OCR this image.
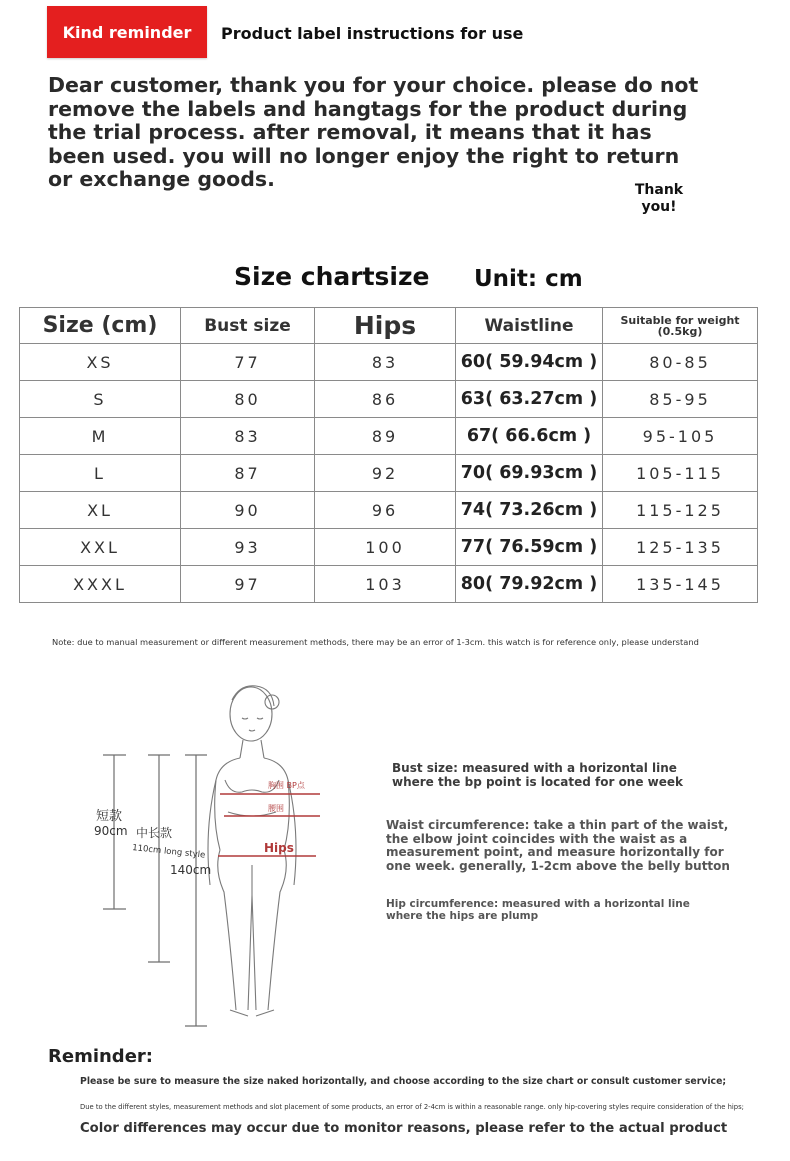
Kind reminder Product label instructions for use

Dear customer, thank you for your choice. please do not remove the labels and hangtags for the product during the trial process. after removal, it means that it has been used. you will no longer enjoy the right to return or exchange goods.	Thank you!
Size chartsize Unit: cm
Size (cm)	Bust size	Hips	Waistline	Suitable for weight
(0.5kg)
XS	77	83	60( 59.94cm )	80-85
S	80	86	63( 63.27cm )	85-95
M	83	89	67( 66.6cm )	95-105
L	87	92	70( 69.93cm )	105-115
XL	90	96	74( 73.26cm )	115-125
XXL	93	100	77( 76.59cm )	125-135
XXXL	97	103	80( 79.92cm )	135-145
Note: due to manual measurement or different measurement methods, there may be an error of 1-3cm. this watch is for reference only, please understand
短款
90cm 中长款
110cm long style
140cm
胸围 BP点
腰围
Hips

Bust size: measured with a horizontal line where the bp point is located for one week

Waist circumference: take a thin part of the waist, the elbow joint coincides with the waist as a measurement point, and measure horizontally for one week. generally, 1-2cm above the belly button

Hip circumference: measured with a horizontal line where the hips are plump

Reminder:
Please be sure to measure the size naked horizontally, and choose according to the size chart or consult customer service;
Due to the different styles, measurement methods and slot placement of some products, an error of 2-4cm is within a reasonable range. only hip-covering styles require consideration of the hips;
Color differences may occur due to monitor reasons, please refer to the actual product
